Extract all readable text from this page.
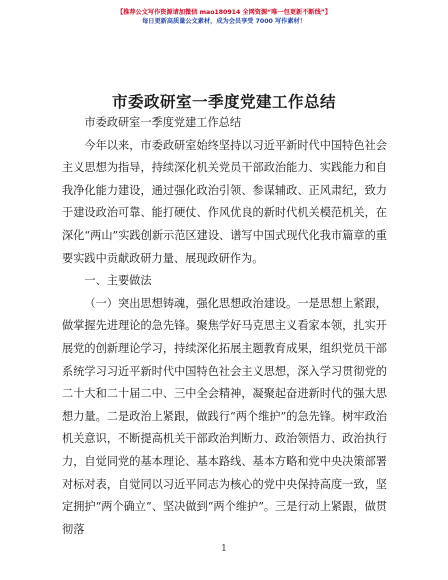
【推荐公文写作资源请加微信 mao180914 全网资源“唯一包更新不断线”】
每日更新高质量公文素材，成为会员享受 7000 写作素材！
市委政研室一季度党建工作总结

市委政研室一季度党建工作总结

今年以来，市委政研室始终坚持以习近平新时代中国特色社会主义思想为指导，持续深化机关党员干部政治能力、实践能力和自我净化能力建设，通过强化政治引领、参谋辅政、正风肃纪，致力于建设政治可靠、能打硬仗、作风优良的新时代机关模范机关，在深化“两山”实践创新示范区建设、谱写中国式现代化我市篇章的重要实践中贡献政研力量、展现政研作为。

一、主要做法

（一）突出思想铸魂，强化思想政治建设。一是思想上紧跟，做掌握先进理论的急先锋。聚焦学好马克思主义看家本领，扎实开展党的创新理论学习，持续深化拓展主题教育成果，组织党员干部系统学习习近平新时代中国特色社会主义思想，深入学习贯彻党的二十大和二十届二中、三中全会精神，凝聚起奋进新时代的强大思想力量。二是政治上紧跟，做践行“两个维护”的急先锋。树牢政治机关意识，不断提高机关干部政治判断力、政治领悟力、政治执行力，自觉同党的基本理论、基本路线、基本方略和党中央决策部署对标对表，自觉同以习近平同志为核心的党中央保持高度一致，坚定拥护“两个确立”、坚决做到“两个维护”。三是行动上紧跟，做贯彻落

1
